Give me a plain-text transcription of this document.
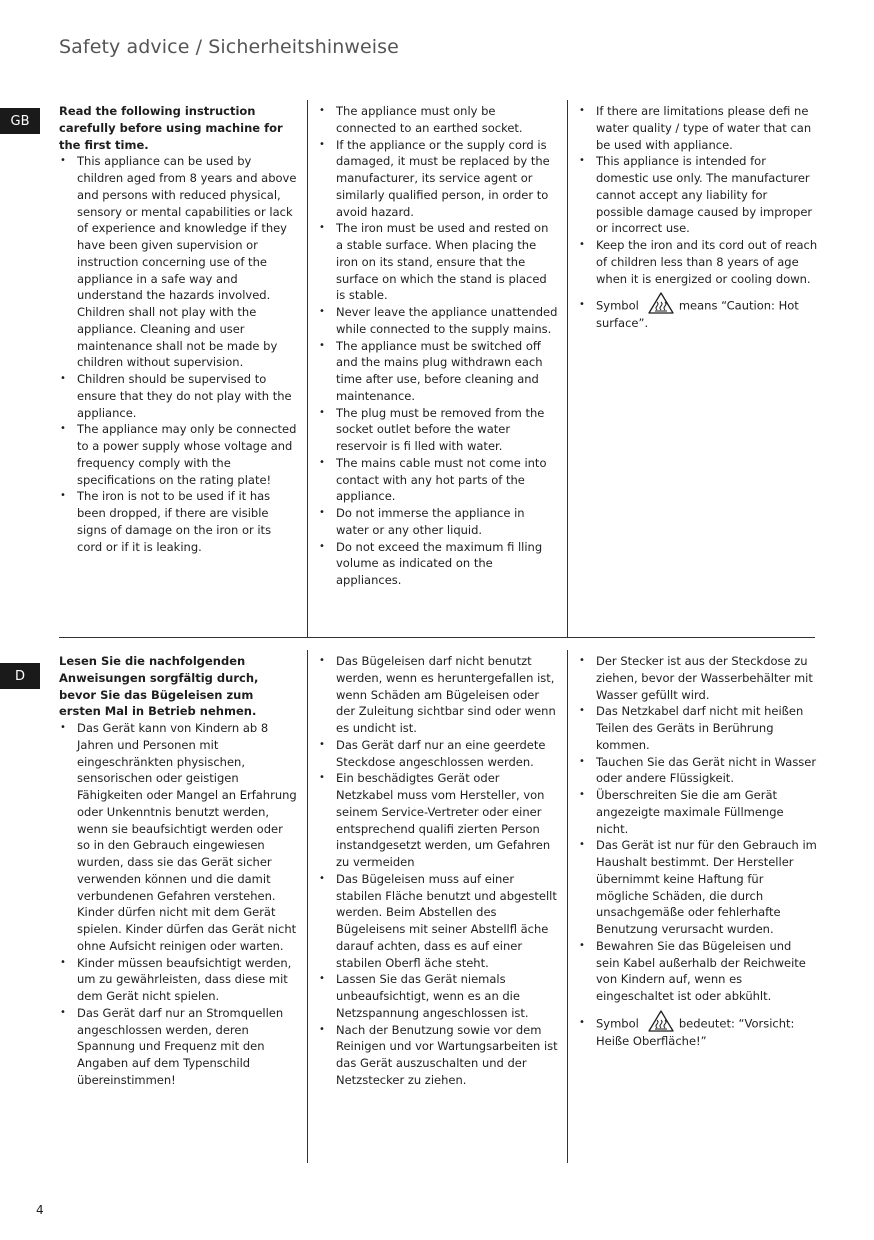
Safety advice / Sicherheitshinweise
GB

Read the following instruction carefully before using machine for the first time.

• This appliance can be used by children aged from 8 years and above and persons with reduced physical, sensory or mental capabilities or lack of experience and knowledge if they have been given supervision or instruction concerning use of the appliance in a safe way and understand the hazards involved. Children shall not play with the appliance. Cleaning and user maintenance shall not be made by children without supervision.
• Children should be supervised to ensure that they do not play with the appliance.
• The appliance may only be connected to a power supply whose voltage and frequency comply with the specifications on the rating plate!
• The iron is not to be used if it has been dropped, if there are visible signs of damage on the iron or its cord or if it is leaking.
• The appliance must only be connected to an earthed socket.
• If the appliance or the supply cord is damaged, it must be replaced by the manufacturer, its service agent or similarly qualified person, in order to avoid hazard.
• The iron must be used and rested on a stable surface. When placing the iron on its stand, ensure that the surface on which the stand is placed is stable.
• Never leave the appliance unattended while connected to the supply mains.
• The appliance must be switched off and the mains plug withdrawn each time after use, before cleaning and maintenance.
• The plug must be removed from the socket outlet before the water reservoir is fi lled with water.
• The mains cable must not come into contact with any hot parts of the appliance.
• Do not immerse the appliance in water or any other liquid.
• Do not exceed the maximum fi lling volume as indicated on the appliances.
• If there are limitations please defi ne water quality / type of water that can be used with appliance.
• This appliance is intended for domestic use only. The manufacturer cannot accept any liability for possible damage caused by improper or incorrect use.
• Keep the iron and its cord out of reach of children less than 8 years of age when it is energized or cooling down.
• Symbol	means “Caution: Hot surface”.
D

Lesen Sie die nachfolgenden Anweisungen sorgfältig durch, bevor Sie das Bügeleisen zum ersten Mal in Betrieb nehmen.

• Das Gerät kann von Kindern ab 8 Jahren und Personen mit eingeschränkten physischen, sensorischen oder geistigen Fähigkeiten oder Mangel an Erfahrung oder Unkenntnis benutzt werden, wenn sie beaufsichtigt werden oder so in den Gebrauch eingewiesen wurden, dass sie das Gerät sicher verwenden können und die damit verbundenen Gefahren verstehen. Kinder dürfen nicht mit dem Gerät spielen. Kinder dürfen das Gerät nicht ohne Aufsicht reinigen oder warten.
• Kinder müssen beaufsichtigt werden, um zu gewährleisten, dass diese mit dem Gerät nicht spielen.
• Das Gerät darf nur an Stromquellen angeschlossen werden, deren Spannung und Frequenz mit den Angaben auf dem Typenschild übereinstimmen!
• Das Bügeleisen darf nicht benutzt werden, wenn es heruntergefallen ist, wenn Schäden am Bügeleisen oder der Zuleitung sichtbar sind oder wenn es undicht ist.
• Das Gerät darf nur an eine geerdete Steckdose angeschlossen werden.
• Ein beschädigtes Gerät oder Netzkabel muss vom Hersteller, von seinem Service-Vertreter oder einer entsprechend qualifi zierten Person instandgesetzt werden, um Gefahren zu vermeiden
• Das Bügeleisen muss auf einer stabilen Fläche benutzt und abgestellt werden. Beim Abstellen des Bügeleisens mit seiner Abstellfl äche darauf achten, dass es auf einer stabilen Oberfl äche steht.
• Lassen Sie das Gerät niemals unbeaufsichtigt, wenn es an die Netzspannung angeschlossen ist.
• Nach der Benutzung sowie vor dem Reinigen und vor Wartungsarbeiten ist das Gerät auszuschalten und der Netzstecker zu ziehen.
• Der Stecker ist aus der Steckdose zu ziehen, bevor der Wasserbehälter mit Wasser gefüllt wird.
• Das Netzkabel darf nicht mit heißen Teilen des Geräts in Berührung kommen.
• Tauchen Sie das Gerät nicht in Wasser oder andere Flüssigkeit.
• Überschreiten Sie die am Gerät angezeigte maximale Füllmenge nicht.
• Das Gerät ist nur für den Gebrauch im Haushalt bestimmt. Der Hersteller übernimmt keine Haftung für mögliche Schäden, die durch unsachgemäße oder fehlerhafte Benutzung verursacht wurden.
• Bewahren Sie das Bügeleisen und sein Kabel außerhalb der Reichweite von Kindern auf, wenn es eingeschaltet ist oder abkühlt.
• Symbol	bedeutet: “Vorsicht: Heiße Oberfläche!”
4
